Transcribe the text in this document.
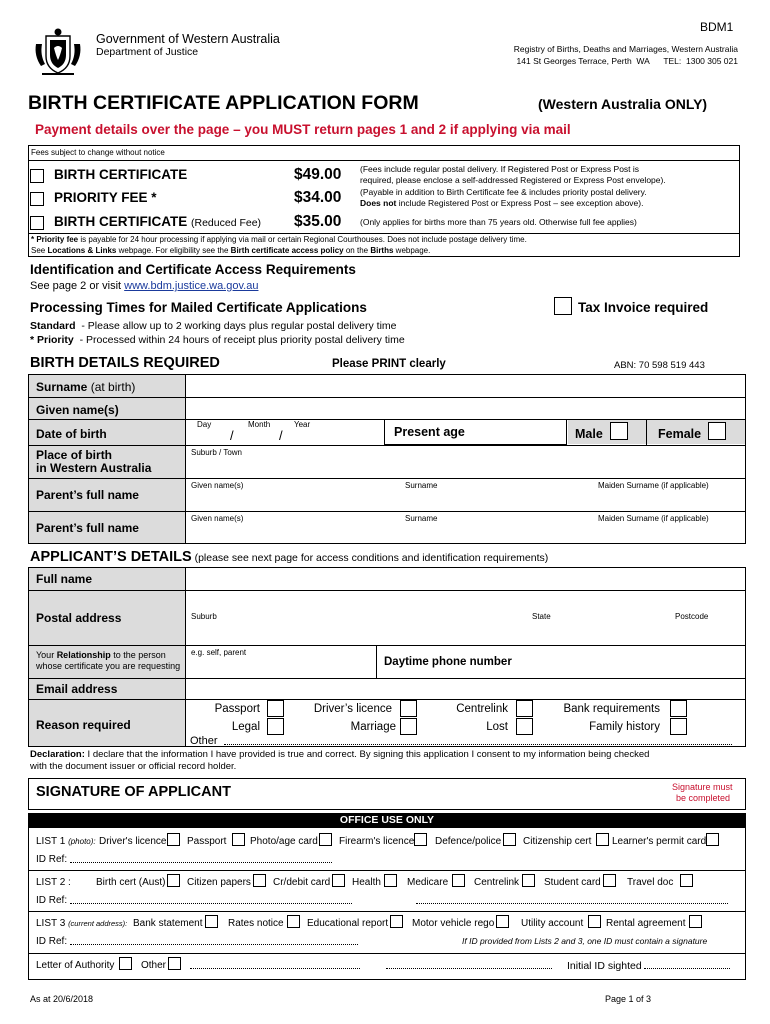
Government of Western Australia
Department of Justice
BDM1
Registry of Births, Deaths and Marriages, Western Australia
141 St Georges Terrace, Perth  WA      TEL:  1300 305 021
BIRTH CERTIFICATE APPLICATION FORM	(Western Australia ONLY)
Payment details over the page – you MUST return pages 1 and 2 if applying via mail
Fees subject to change without notice
BIRTH CERTIFICATE	$49.00 (Fees include regular postal delivery. If Registered Post or Express Post is
required, please enclose a self-addressed Registered or Express Post envelope).
PRIORITY FEE *	$34.00 (Payable in addition to Birth Certificate fee & includes priority postal delivery.
Does not include Registered Post or Express Post – see exception above).
BIRTH CERTIFICATE (Reduced Fee) $35.00 (Only applies for births more than 75 years old. Otherwise full fee applies)
* Priority fee is payable for 24 hour processing if applying via mail or certain Regional Courthouses. Does not include postage delivery time.
See Locations & Links webpage. For eligibility see the Birth certificate access policy on the Births webpage.
Identification and Certificate Access Requirements
See page 2 or visit www.bdm.justice.wa.gov.au
Processing Times for Mailed Certificate Applications	Tax Invoice required
Standard  - Please allow up to 2 working days plus regular postal delivery time
* Priority  - Processed within 24 hours of receipt plus priority postal delivery time
BIRTH DETAILS REQUIRED	Please PRINT clearly	ABN: 70 598 519 443
Surname (at birth)
Given name(s)
Date of birth
Day	Month	Year
/	/	Present age	Male	Female
Place of birth
in Western Australia
Suburb / Town
Parent’s full name
Given name(s)	Surname	Maiden Surname (if applicable)
Parent’s full name
Given name(s)	Surname	Maiden Surname (if applicable)
APPLICANT’S DETAILS (please see next page for access conditions and identification requirements)
Full name
Postal address	Suburb	State	Postcode
Your Relationship to the person
whose certificate you are requesting
e.g. self, parent
Daytime phone number
Email address
Reason required
Passport	Driver’s licence	Centrelink	Bank requirements
Legal	Marriage	Lost	Family history
Other
Declaration: I declare that the information I have provided is true and correct. By signing this application I consent to my information being checked
with the document issuer or official record holder.
SIGNATURE OF APPLICANT	Signature must
be completed
OFFICE USE ONLY
LIST 1 (photo): Driver's licence Passport Photo/age card Firearm's licence Defence/police Citizenship cert Learner's permit card
ID Ref:
LIST 2 :	Birth cert (Aust) Citizen papers Cr/debit card Health	Medicare	Centrelink Student card	Travel doc
ID Ref:
LIST 3 (current address): Bank statement	Rates notice Educational report Motor vehicle rego	Utility account Rental agreement
ID Ref:	If ID provided from Lists 2 and 3, one ID must contain a signature
Letter of Authority	Other	Initial ID sighted
As at 20/6/2018	Page 1 of 3
